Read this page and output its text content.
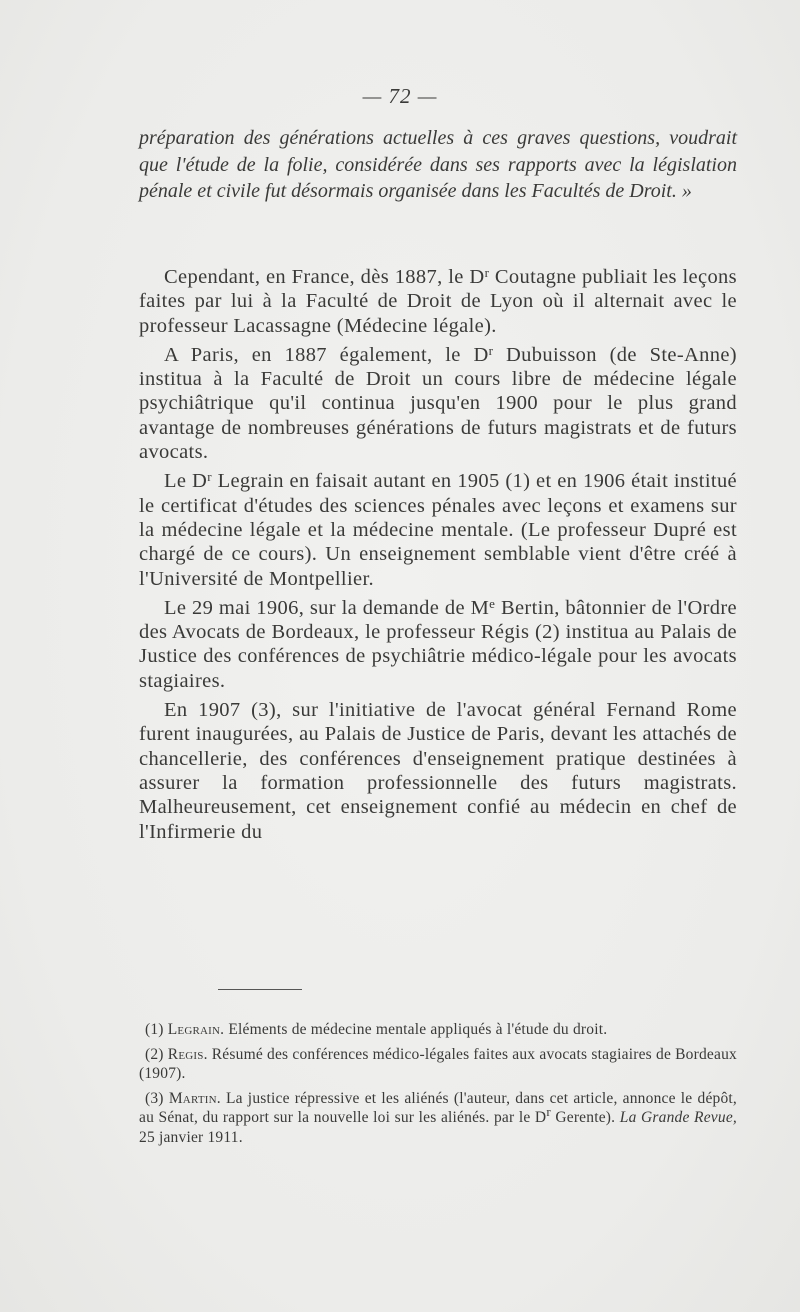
— 72 —

préparation des générations actuelles à ces graves questions, voudrait que l'étude de la folie, considérée dans ses rapports avec la législation pénale et civile fut désormais organisée dans les Facultés de Droit. »

Cependant, en France, dès 1887, le $D^r$ Coutagne publiait les leçons faites par lui à la Faculté de Droit de Lyon où il alternait avec le professeur Lacassagne (Médecine légale).

A Paris, en 1887 également, le $D^r$ Dubuisson (de Ste-Anne) institua à la Faculté de Droit un cours libre de médecine légale psychiâtrique qu'il continua jusqu'en 1900 pour le plus grand avantage de nombreuses générations de futurs magistrats et de futurs avocats.

Le $D^r$ Legrain en faisait autant en 1905 (1) et en 1906 était institué le certificat d'études des sciences pénales avec leçons et examens sur la médecine légale et la médecine mentale. (Le professeur Dupré est chargé de ce cours). Un enseignement semblable vient d'être créé à l'Université de Montpellier.

Le 29 mai 1906, sur la demande de Me Bertin, bâtonnier de l'Ordre des Avocats de Bordeaux, le professeur Régis (2) institua au Palais de Justice des conférences de psychiâtrie médico-légale pour les avocats stagiaires.

En 1907 (3), sur l'initiative de l'avocat général Fernand Rome furent inaugurées, au Palais de Justice de Paris, devant les attachés de chancellerie, des conférences d'enseignement pratique destinées à assurer la formation professionnelle des futurs magistrats. Malheureusement, cet enseignement confié au médecin en chef de l'Infirmerie du

(1) Legrain. Eléments de médecine mentale appliqués à l'étude du droit.

(2) Regis. Résumé des conférences médico-légales faites aux avocats stagiaires de Bordeaux (1907).

(3) Martin. La justice répressive et les aliénés (l'auteur, dans cet article, annonce le dépôt, au Sénat, du rapport sur la nouvelle loi sur les aliénés. par le $D^r$ Gerente). La Grande Revue, 25 janvier 1911.
